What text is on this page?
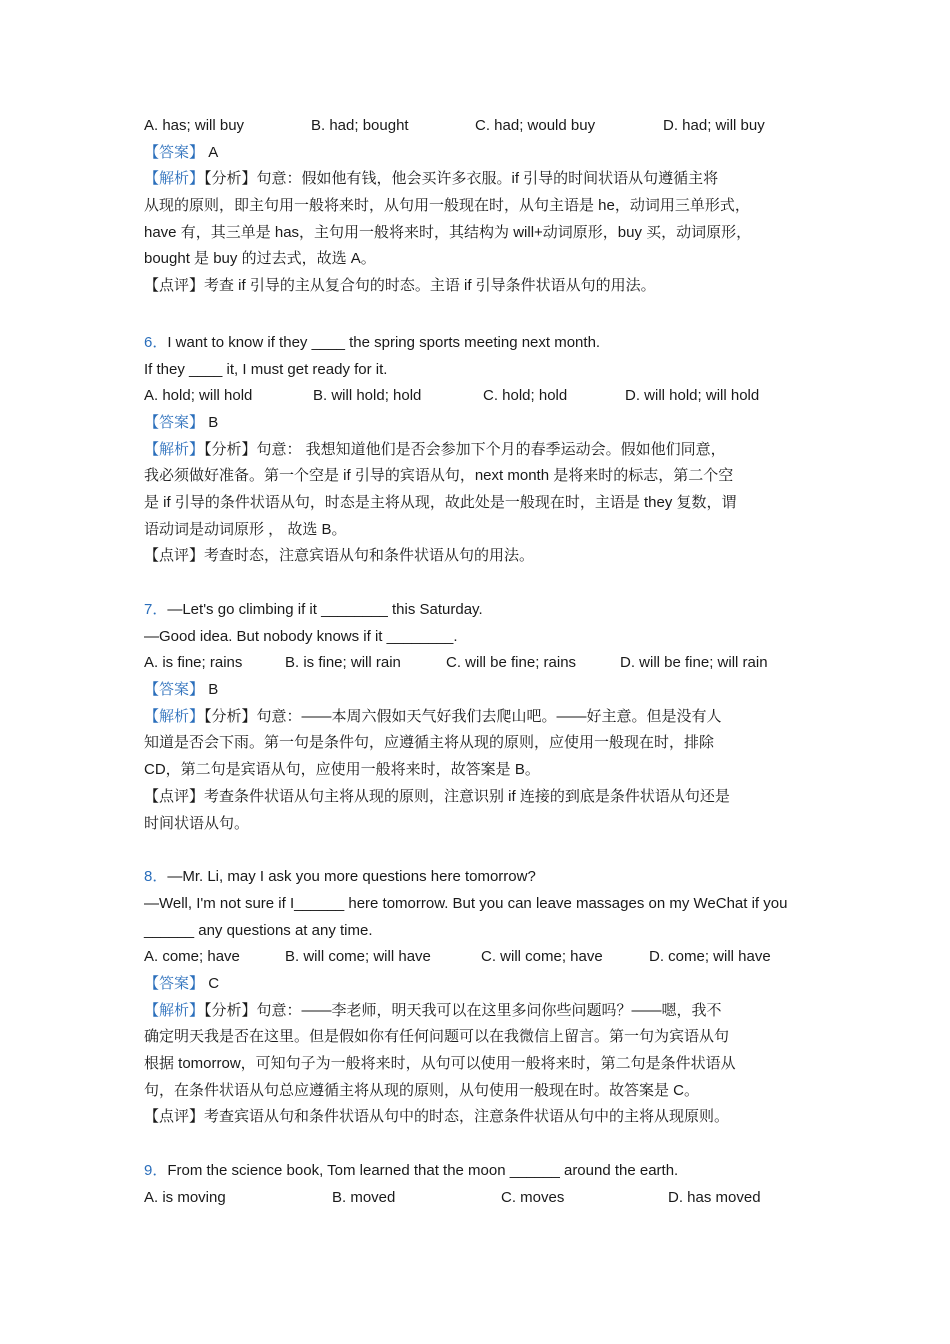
A. has; will buy	B. had; bought	C. had; would buy	D. had; will buy
【答案】 A
【解析】【分析】句意：假如他有钱，他会买许多衣服。if 引导的时间状语从句遵循主将
从现的原则，即主句用一般将来时，从句用一般现在时，从句主语是 he，动词用三单形式，
have 有，其三单是 has，主句用一般将来时，其结构为 will+动词原形，buy 买，动词原形，
bought 是 buy 的过去式，故选 A。
【点评】考查 if 引导的主从复合句的时态。主语 if 引导条件状语从句的用法。
6．I want to know if they ____ the spring sports meeting next month.
If they ____ it, I must get ready for it.
A. hold; will hold	B. will hold; hold	C. hold; hold	D. will hold; will hold
【答案】 B
【解析】【分析】句意： 我想知道他们是否会参加下个月的春季运动会。假如他们同意，
我必须做好准备。第一个空是 if 引导的宾语从句，next month 是将来时的标志，第二个空
是 if 引导的条件状语从句，时态是主将从现，故此处是一般现在时，主语是 they 复数，谓
语动词是动词原形 ， 故选 B。
【点评】考查时态，注意宾语从句和条件状语从句的用法。
7．—Let's go climbing if it ________ this Saturday.
—Good idea. But nobody knows if it ________.
A. is fine; rains	B. is fine; will rain	C. will be fine; rains	D. will be fine; will rain
【答案】 B
【解析】【分析】句意：——本周六假如天气好我们去爬山吧。——好主意。但是没有人
知道是否会下雨。第一句是条件句，应遵循主将从现的原则，应使用一般现在时，排除
CD，第二句是宾语从句，应使用一般将来时，故答案是 B。
【点评】考查条件状语从句主将从现的原则，注意识别 if 连接的到底是条件状语从句还是
时间状语从句。
8．—Mr. Li, may I ask you more questions here tomorrow?
—Well, I'm not sure if I______ here tomorrow. But you can leave massages on my WeChat if you
______ any questions at any time.
A. come; have	B. will come; will have	C. will come; have	D. come; will have
【答案】 C
【解析】【分析】句意：——李老师，明天我可以在这里多问你些问题吗？——嗯，我不
确定明天我是否在这里。但是假如你有任何问题可以在我微信上留言。第一句为宾语从句
根据 tomorrow，可知句子为一般将来时，从句可以使用一般将来时，第二句是条件状语从
句，在条件状语从句总应遵循主将从现的原则，从句使用一般现在时。故答案是 C。
【点评】考查宾语从句和条件状语从句中的时态，注意条件状语从句中的主将从现原则。
9．From the science book, Tom learned that the moon ______ around the earth.
A. is moving	B. moved	C. moves	D. has moved
